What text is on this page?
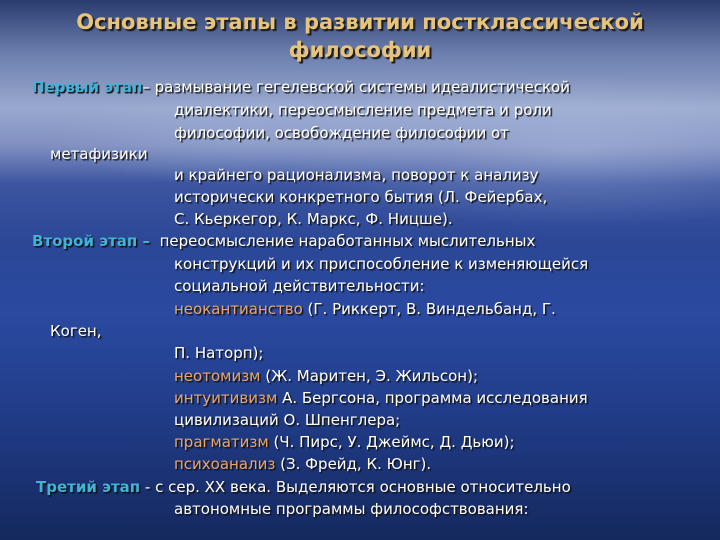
Основные этапы в развитии постклассической
философии
Первый этап– размывание гегелевской системы идеалистической
диалектики, переосмысление предмета и роли
философии, освобождение философии от
метафизики
и крайнего рационализма, поворот к анализу
исторически конкретного бытия (Л. Фейербах,
С. Кьеркегор, К. Маркс, Ф. Ницше).
Второй этап – переосмысление наработанных мыслительных
конструкций и их приспособление к изменяющейся
социальной действительности:
неокантианство (Г. Риккерт, В. Виндельбанд, Г.
Коген,
П. Наторп);
неотомизм (Ж. Маритен, Э. Жильсон);
интуитивизм А. Бергсона, программа исследования
цивилизаций О. Шпенглера;
прагматизм (Ч. Пирс, У. Джеймс, Д. Дьюи);
психоанализ (З. Фрейд, К. Юнг).
Третий этап - с сер. XX века. Выделяются основные относительно
автономные программы философствования:
